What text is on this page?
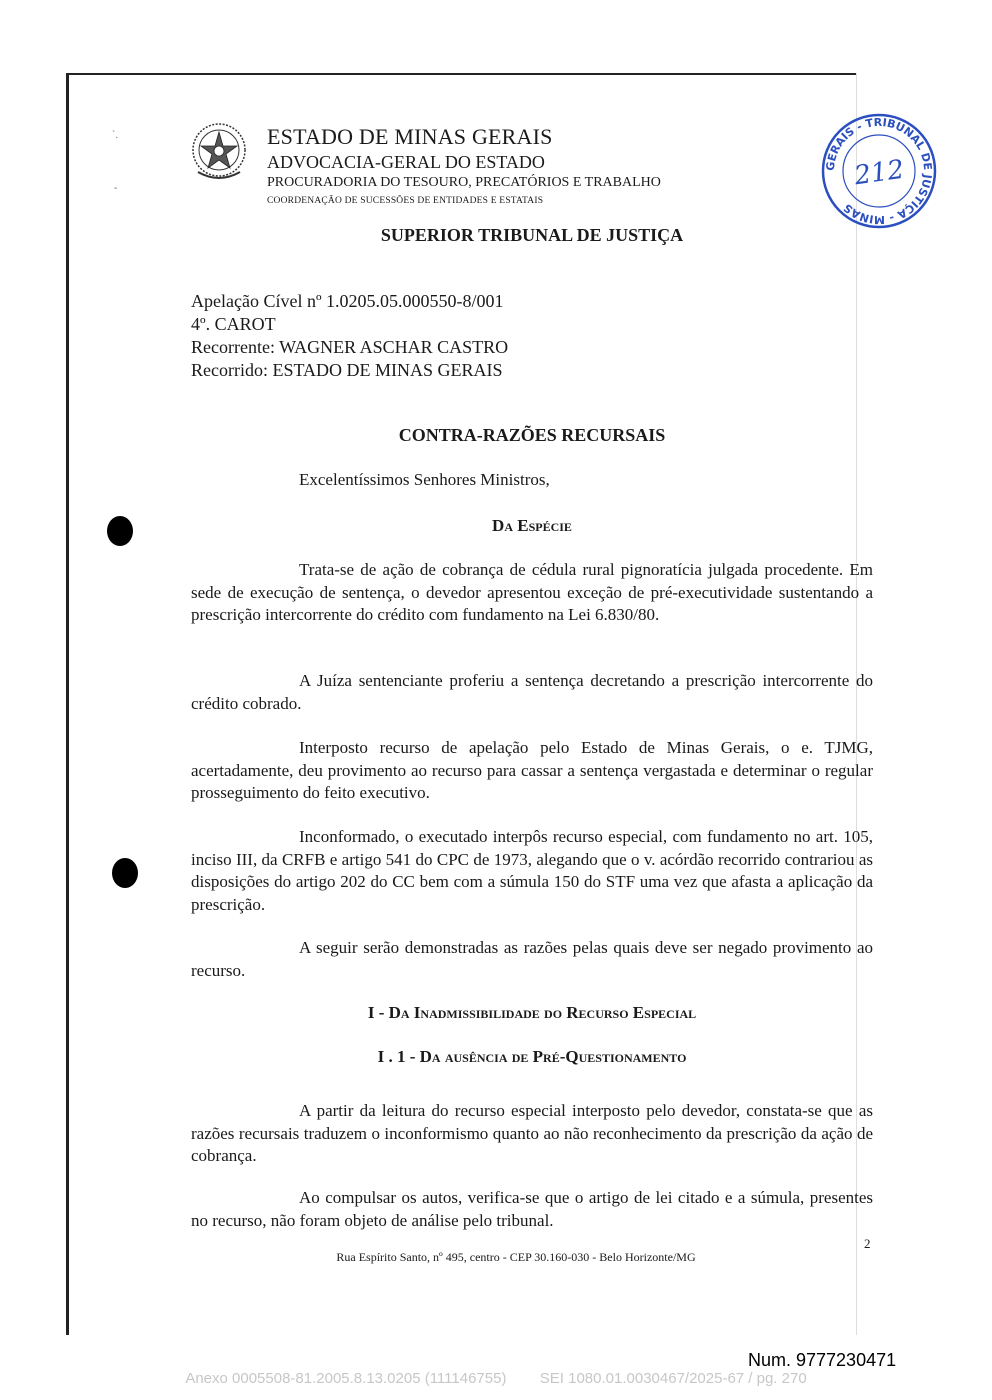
`.
-
ESTADO DE MINAS GERAIS
ADVOCACIA-GERAL DO ESTADO
PROCURADORIA DO TESOURO, PRECATÓRIOS E TRABALHO
COORDENAÇÃO DE SUCESSÕES DE ENTIDADES E ESTATAIS
GERAIS - TRIBUNAL DE JUSTIÇA - MINAS
212
SUPERIOR TRIBUNAL DE JUSTIÇA
Apelação Cível nº 1.0205.05.000550-8/001
4º. CAROT
Recorrente: WAGNER ASCHAR CASTRO
Recorrido: ESTADO DE MINAS GERAIS
CONTRA-RAZÕES RECURSAIS
Excelentíssimos Senhores Ministros,
Da Espécie

Trata-se de ação de cobrança de cédula rural pignoratícia julgada procedente. Em sede de execução de sentença, o devedor apresentou exceção de pré-executividade sustentando a prescrição intercorrente do crédito com fundamento na Lei 6.830/80.

A Juíza sentenciante proferiu a sentença decretando a prescrição intercorrente do crédito cobrado.

Interposto recurso de apelação pelo Estado de Minas Gerais, o e. TJMG, acertadamente, deu provimento ao recurso para cassar a sentença vergastada e determinar o regular prosseguimento do feito executivo.

Inconformado, o executado interpôs recurso especial, com fundamento no art. 105, inciso III, da CRFB e artigo 541 do CPC de 1973, alegando que o v. acórdão recorrido contrariou as disposições do artigo 202 do CC bem com a súmula 150 do STF uma vez que afasta a aplicação da prescrição.

A seguir serão demonstradas as razões pelas quais deve ser negado provimento ao recurso.

I - Da Inadmissibilidade do Recurso Especial
I . 1 - Da ausência de Pré-Questionamento

A partir da leitura do recurso especial interposto pelo devedor, constata-se que as razões recursais traduzem o inconformismo quanto ao não reconhecimento da prescrição da ação de cobrança.

Ao compulsar os autos, verifica-se que o artigo de lei citado e a súmula, presentes no recurso, não foram objeto de análise pelo tribunal.

2
Rua Espírito Santo, nº 495, centro - CEP 30.160-030 - Belo Horizonte/MG
Num. 9777230471
Anexo 0005508-81.2005.8.13.0205 (111146755)        SEI 1080.01.0030467/2025-67 / pg. 270
